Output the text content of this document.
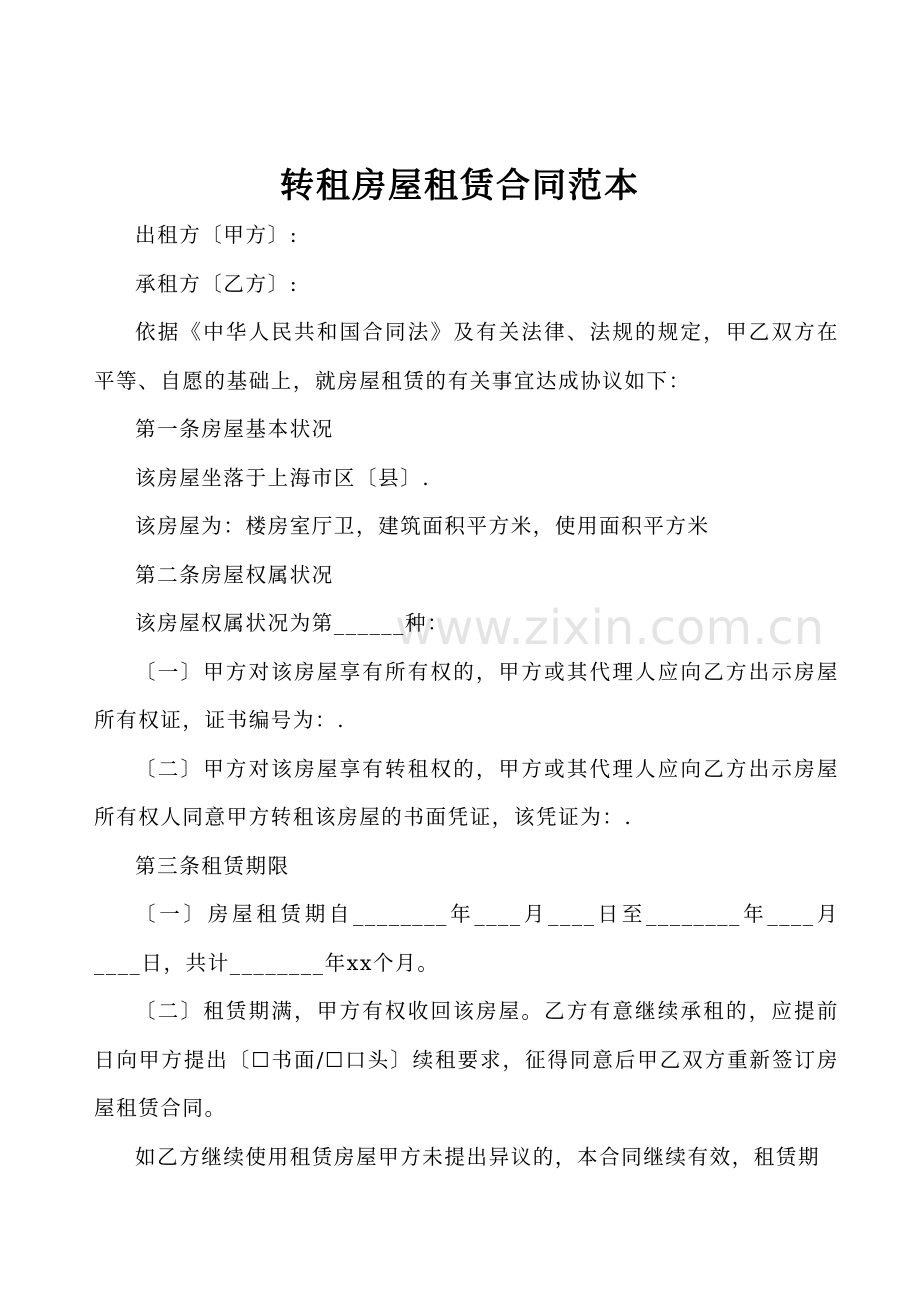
转租房屋租赁合同范本

出租方〔甲方〕:

承租方〔乙方〕:

依据《中华人民共和国合同法》及有关法律、法规的规定，甲乙双方在平等、自愿的基础上，就房屋租赁的有关事宜达成协议如下：

第一条房屋基本状况

该房屋坐落于上海市区〔县〕.

该房屋为：楼房室厅卫，建筑面积平方米，使用面积平方米

第二条房屋权属状况

该房屋权属状况为第______种：

〔一〕甲方对该房屋享有所有权的，甲方或其代理人应向乙方出示房屋所有权证，证书编号为：.

〔二〕甲方对该房屋享有转租权的，甲方或其代理人应向乙方出示房屋所有权人同意甲方转租该房屋的书面凭证，该凭证为：.

第三条租赁期限

〔一〕房屋租赁期自________年____月____日至________年____月____日，共计________年xx个月。

〔二〕租赁期满，甲方有权收回该房屋。乙方有意继续承租的，应提前日向甲方提出〔☐书面/☐口头〕续租要求，征得同意后甲乙双方重新签订房屋租赁合同。

如乙方继续使用租赁房屋甲方未提出异议的，本合同继续有效，租赁期

www.zixin.com.cn
